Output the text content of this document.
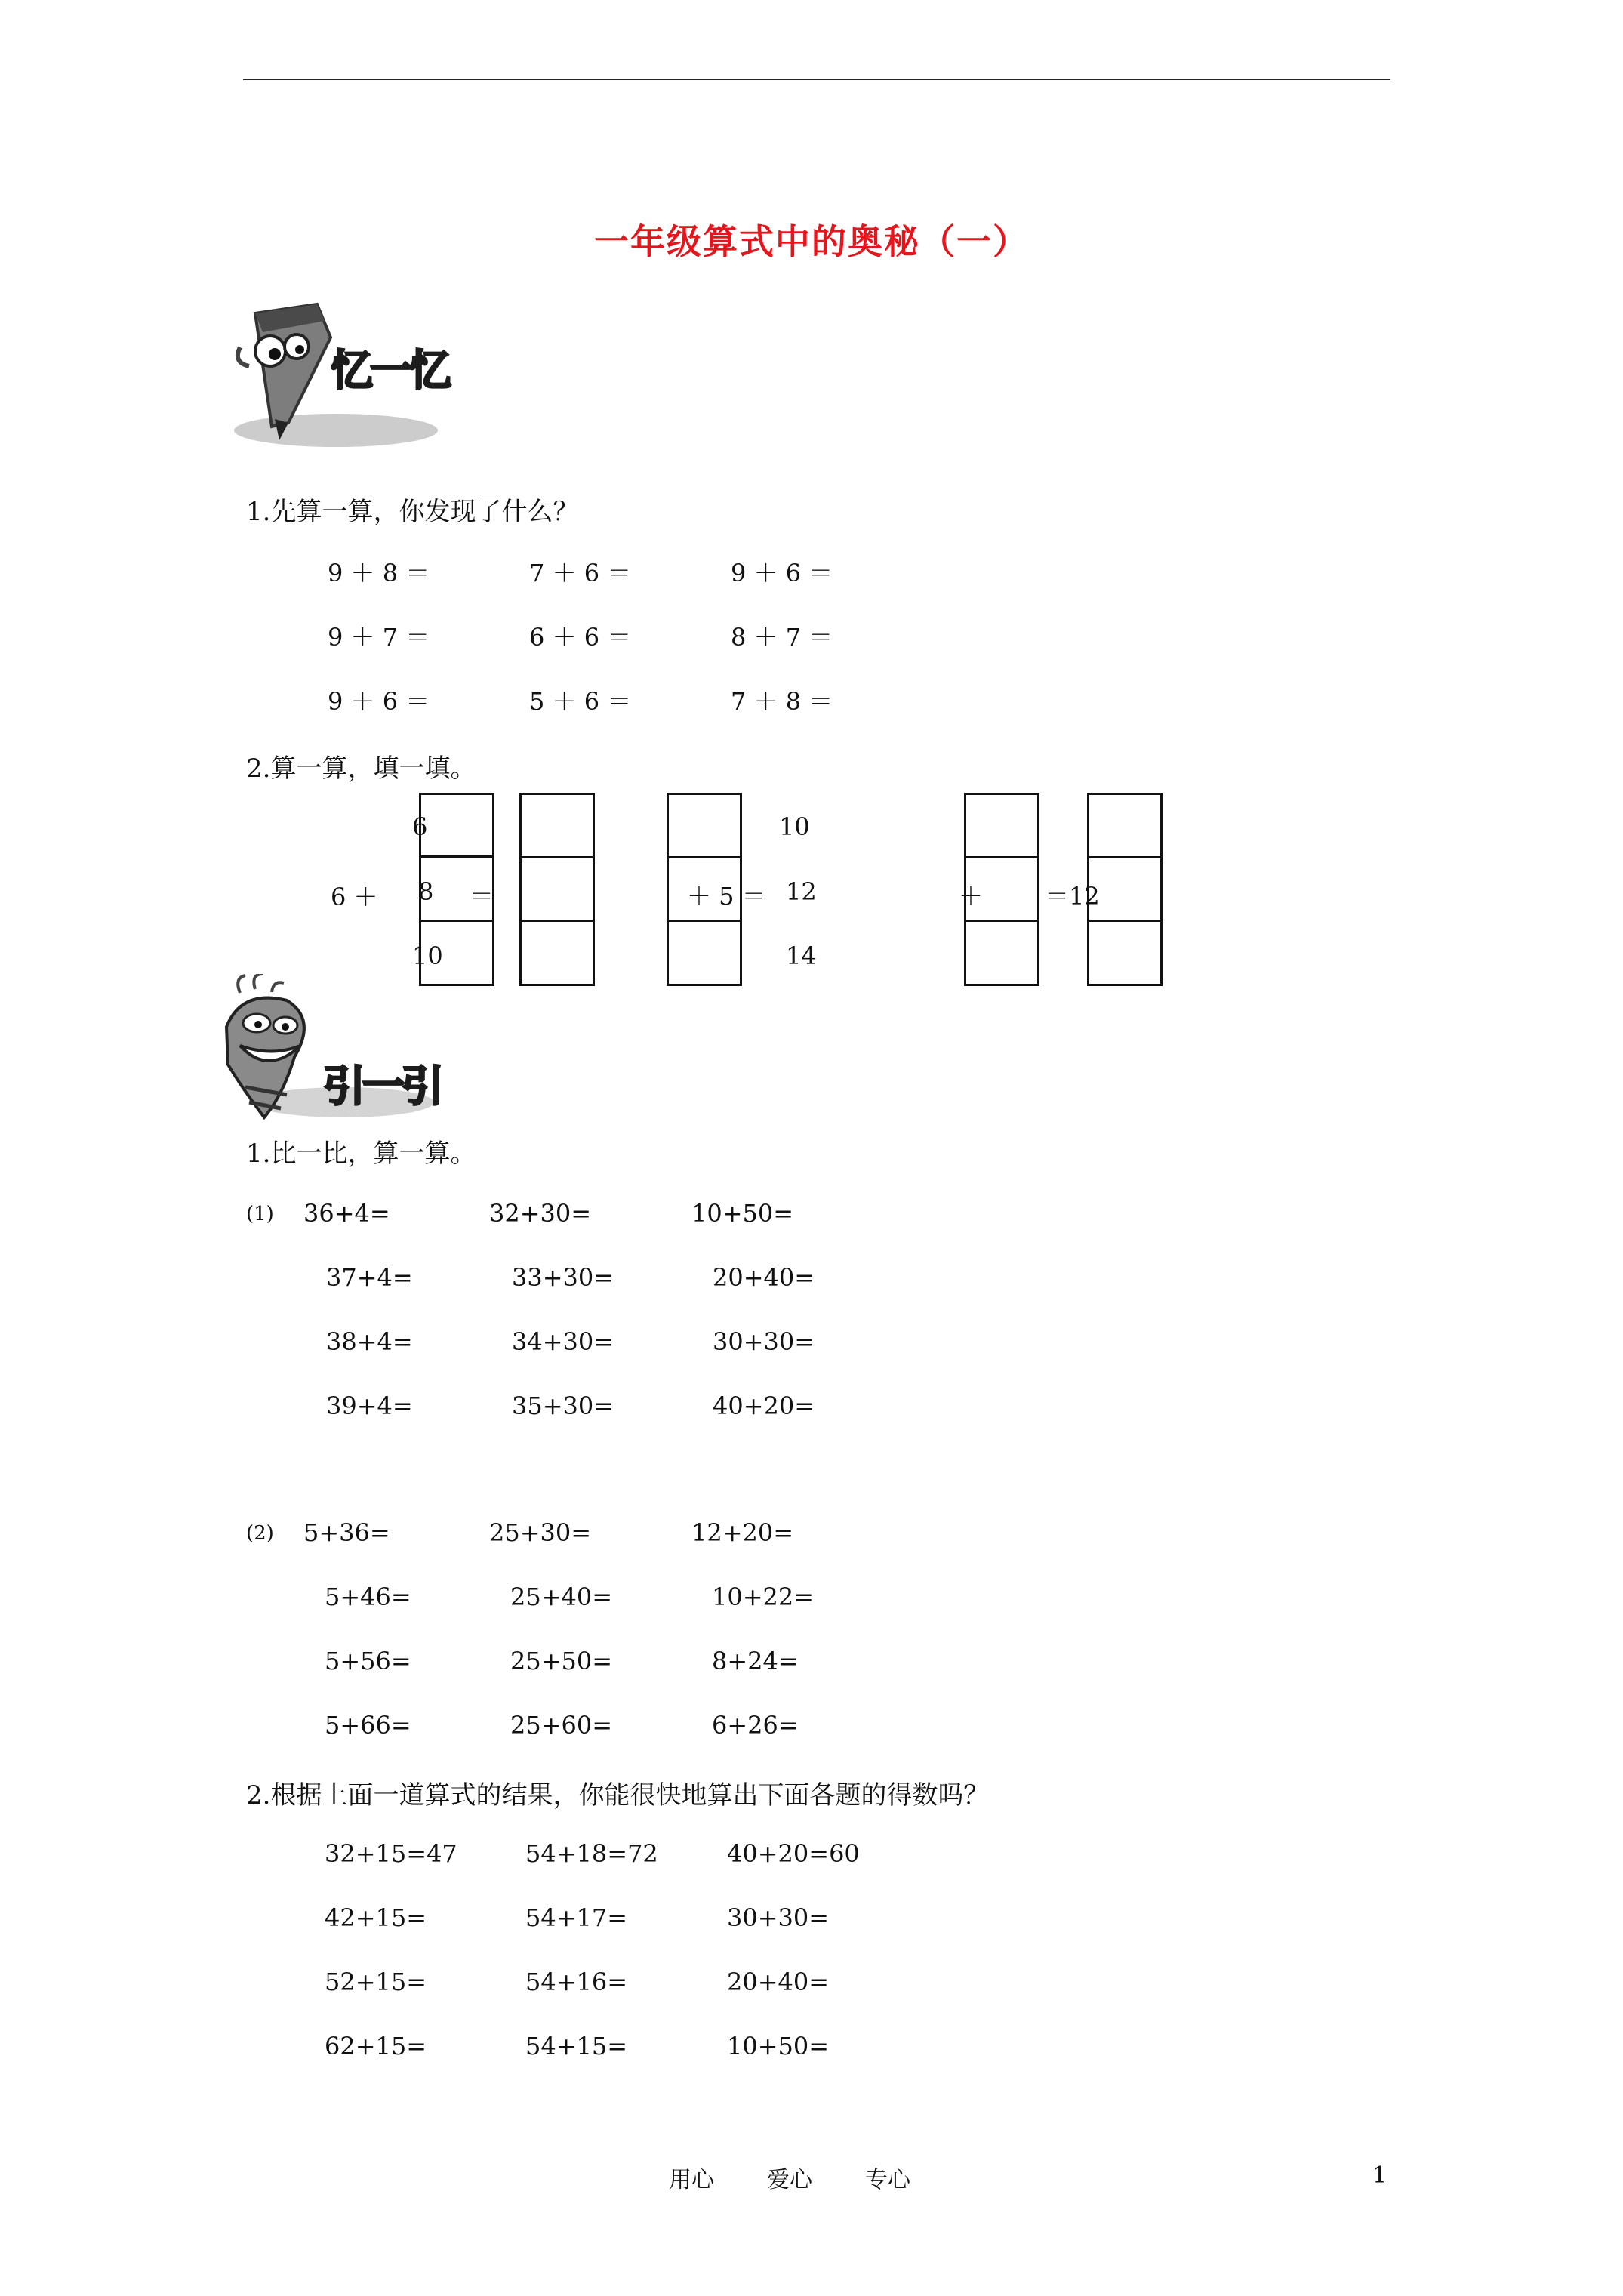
一年级算式中的奥秘（一）
忆一忆
1.先算一算，你发现了什么？
9 ＋ 8 ＝	7 ＋ 6 ＝	9 ＋ 6 ＝
9 ＋ 7 ＝	6 ＋ 6 ＝	8 ＋ 7 ＝
9 ＋ 6 ＝	5 ＋ 6 ＝	7 ＋ 8 ＝
2.算一算，填一填。
6 ＋
6
8
10
＝	＋ 5 ＝
10
12
14
＋	＝12
引一引
1.比一比，算一算。
(1) 36+4=	32+30=	10+50=
37+4=	33+30=	20+40=
38+4=	34+30=	30+30=
39+4=	35+30=	40+20=
(2) 5+36=	25+30=	12+20=
5+46=	25+40=	10+22=
5+56=	25+50=	8+24=
5+66=	25+60=	6+26=
2.根据上面一道算式的结果，你能很快地算出下面各题的得数吗？
32+15=47	54+18=72	40+20=60
42+15=	54+17=	30+30=
52+15=	54+16=	20+40=
62+15=	54+15=	10+50=
用心 爱心 专心	1
